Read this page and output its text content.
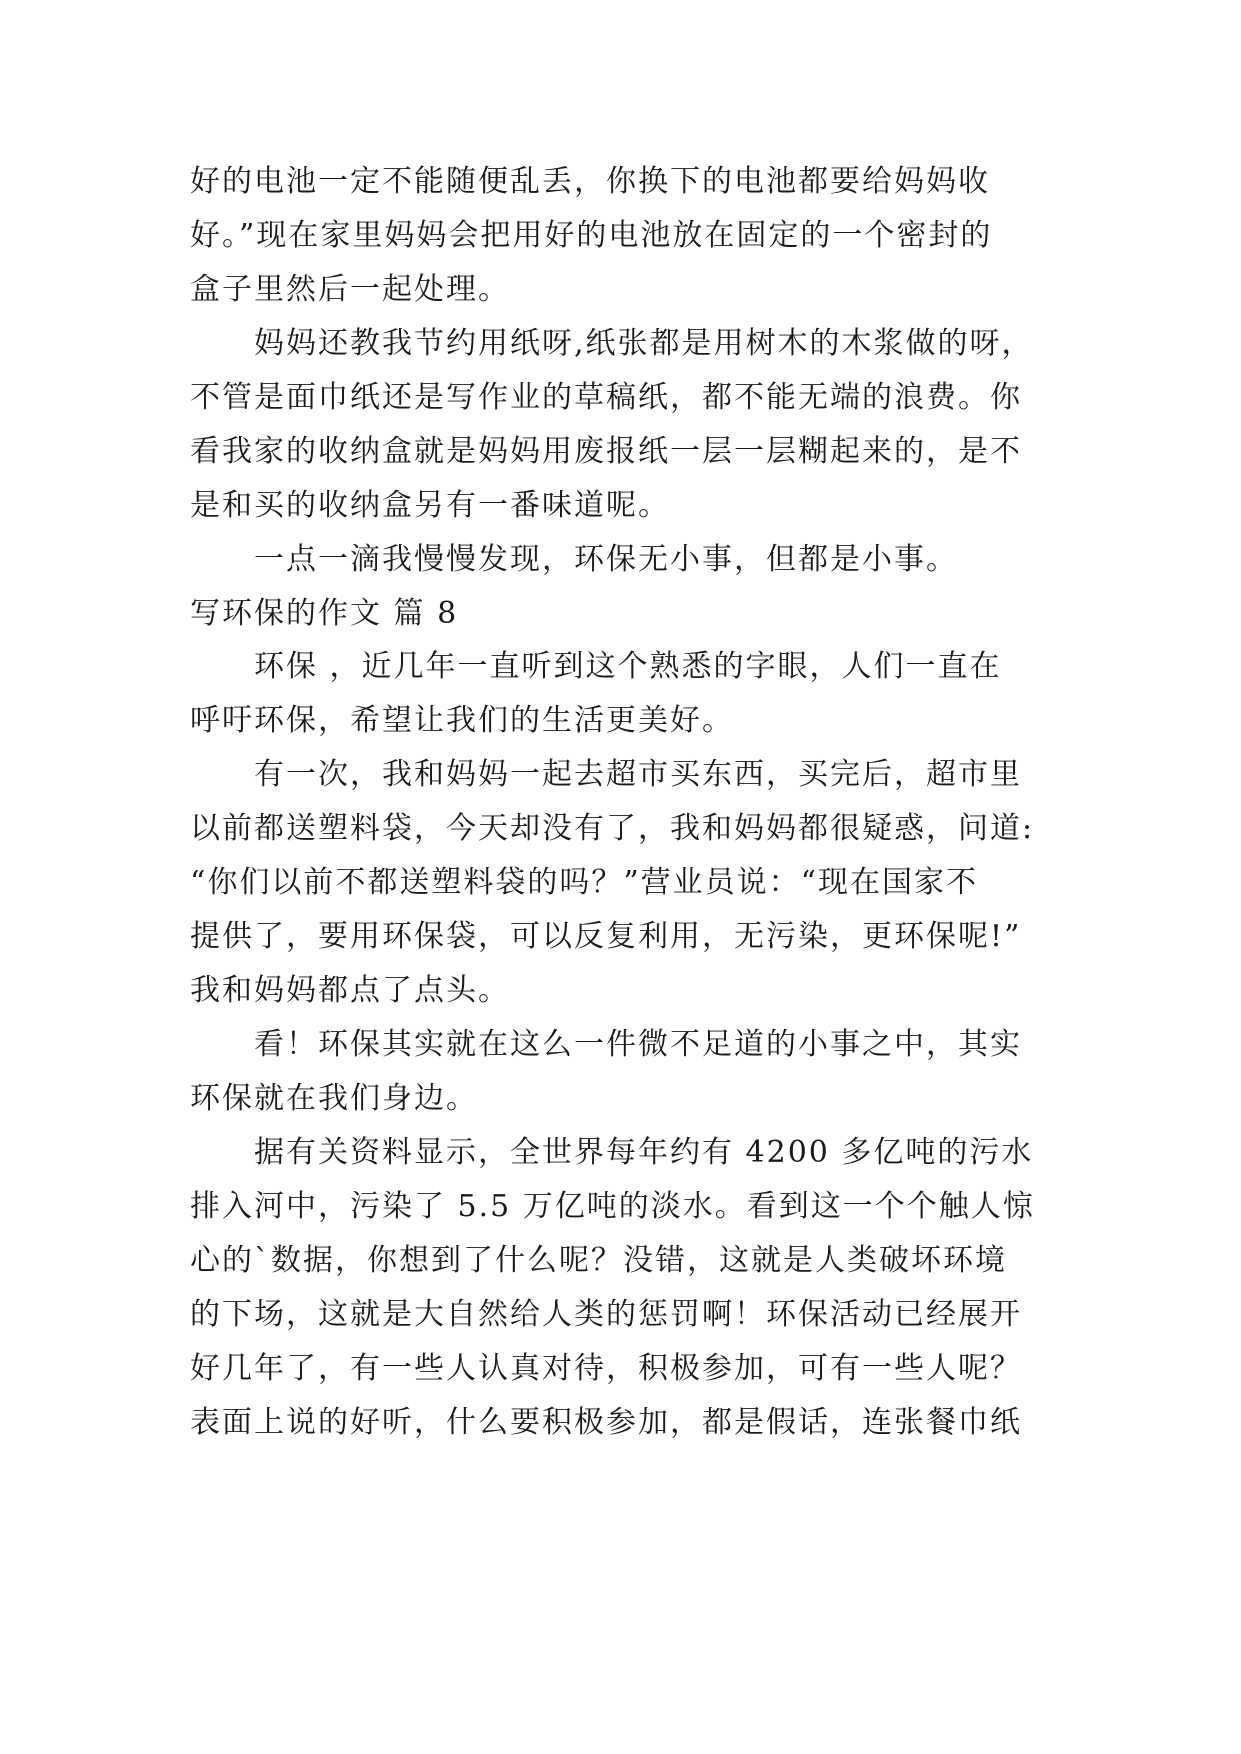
好的电池一定不能随便乱丢，你换下的电池都要给妈妈收
好。”现在家里妈妈会把用好的电池放在固定的一个密封的
盒子里然后一起处理。
妈妈还教我节约用纸呀,纸张都是用树木的木浆做的呀，
不管是面巾纸还是写作业的草稿纸，都不能无端的浪费。你
看我家的收纳盒就是妈妈用废报纸一层一层糊起来的，是不
是和买的收纳盒另有一番味道呢。
一点一滴我慢慢发现，环保无小事，但都是小事。
写环保的作文 篇 8
环保 ，近几年一直听到这个熟悉的字眼，人们一直在
呼吁环保，希望让我们的生活更美好。
有一次，我和妈妈一起去超市买东西，买完后，超市里
以前都送塑料袋，今天却没有了，我和妈妈都很疑惑，问道:
“你们以前不都送塑料袋的吗？”营业员说：“现在国家不
提供了，要用环保袋，可以反复利用，无污染，更环保呢!”
我和妈妈都点了点头。
看！环保其实就在这么一件微不足道的小事之中，其实
环保就在我们身边。
据有关资料显示，全世界每年约有 4200 多亿吨的污水
排入河中，污染了 5.5 万亿吨的淡水。看到这一个个触人惊
心的`数据，你想到了什么呢？没错，这就是人类破坏环境
的下场，这就是大自然给人类的惩罚啊！环保活动已经展开
好几年了，有一些人认真对待，积极参加，可有一些人呢？
表面上说的好听，什么要积极参加，都是假话，连张餐巾纸
